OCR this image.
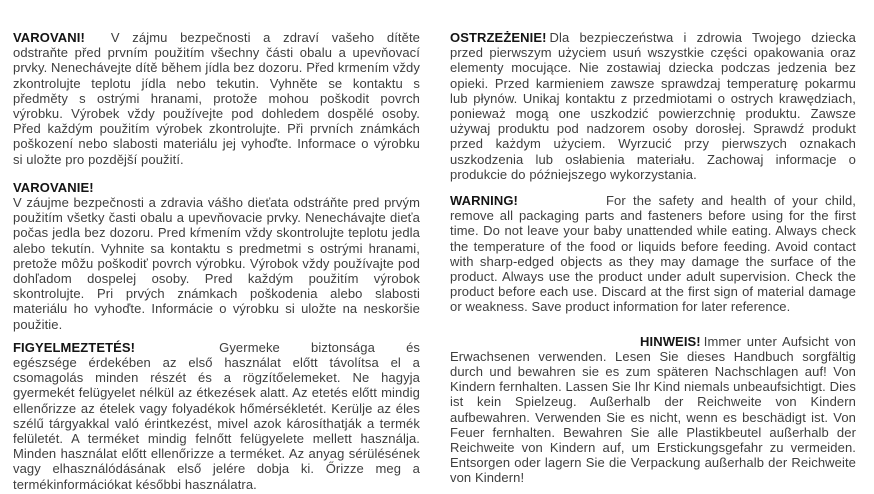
VAROVANI! V zájmu bezpečnosti a zdraví vašeho dítěte odstraňte před prvním použitím všechny části obalu a upevňovací prvky. Nenechávejte dítě během jídla bez dozoru. Před krmením vždy zkontrolujte teplotu jídla nebo tekutin. Vyhněte se kontaktu s předměty s ostrými hranami, protože mohou poškodit povrch výrobku. Výrobek vždy používejte pod dohledem dospělé osoby. Před každým použitím výrobek zkontrolujte. Při prvních známkách poškození nebo slabosti materiálu jej vyhoďte. Informace o výrobku si uložte pro pozdější použití.

VAROVANIE!
V záujme bezpečnosti a zdravia vášho dieťata odstráňte pred prvým použitím všetky časti obalu a upevňovacie prvky. Nenechávajte dieťa počas jedla bez dozoru. Pred kŕmením vždy skontrolujte teplotu jedla alebo tekutín. Vyhnite sa kontaktu s predmetmi s ostrými hranami, pretože môžu poškodiť povrch výrobku. Výrobok vždy používajte pod dohľadom dospelej osoby. Pred každým použitím výrobok skontrolujte. Pri prvých známkach poškodenia alebo slabosti materiálu ho vyhoďte. Informácie o výrobku si uložte na neskoršie použitie.

FIGYELMEZTETÉS!	Gyermeke biztonsága és egészsége érdekében az első használat előtt távolítsa el a csomagolás minden részét és a rögzítőelemeket. Ne hagyja gyermekét felügyelet nélkül az étkezések alatt. Az etetés előtt mindig ellenőrizze az ételek vagy folyadékok hőmérsékletét. Kerülje az éles szélű tárgyakkal való érintkezést, mivel azok károsíthatják a termék felületét. A terméket mindig felnőtt felügyelete mellett használja. Minden használat előtt ellenőrizze a terméket. Az anyag sérülésének vagy elhasználódásának első jelére dobja ki. Őrizze meg a termékinformációkat későbbi használatra.

OSTRZEŻENIE! Dla bezpieczeństwa i zdrowia Twojego dziecka przed pierwszym użyciem usuń wszystkie części opakowania oraz elementy mocujące. Nie zostawiaj dziecka podczas jedzenia bez opieki. Przed karmieniem zawsze sprawdzaj temperaturę pokarmu lub płynów. Unikaj kontaktu z przedmiotami o ostrych krawędziach, ponieważ mogą one uszkodzić powierzchnię produktu. Zawsze używaj produktu pod nadzorem osoby dorosłej. Sprawdź produkt przed każdym użyciem. Wyrzucić przy pierwszych oznakach uszkodzenia lub osłabienia materiału. Zachowaj informacje o produkcie do późniejszego wykorzystania.

WARNING!	For the safety and health of your child, remove all packaging parts and fasteners before using for the first time. Do not leave your baby unattended while eating. Always check the temperature of the food or liquids before feeding. Avoid contact with sharp-edged objects as they may damage the surface of the product. Always use the product under adult supervision. Check the product before each use. Discard at the first sign of material damage or weakness. Save product information for later reference.

HINWEIS! Immer unter Aufsicht von Erwachsenen verwenden. Lesen Sie dieses Handbuch sorgfältig durch und bewahren sie es zum späteren Nachschlagen auf! Von Kindern fernhalten. Lassen Sie Ihr Kind niemals unbeaufsichtigt. Dies ist kein Spielzeug. Außerhalb der Reichweite von Kindern aufbewahren. Verwenden Sie es nicht, wenn es beschädigt ist. Von Feuer fernhalten. Bewahren Sie alle Plastikbeutel außerhalb der Reichweite von Kindern auf, um Erstickungsgefahr zu vermeiden. Entsorgen oder lagern Sie die Verpackung außerhalb der Reichweite von Kindern!
